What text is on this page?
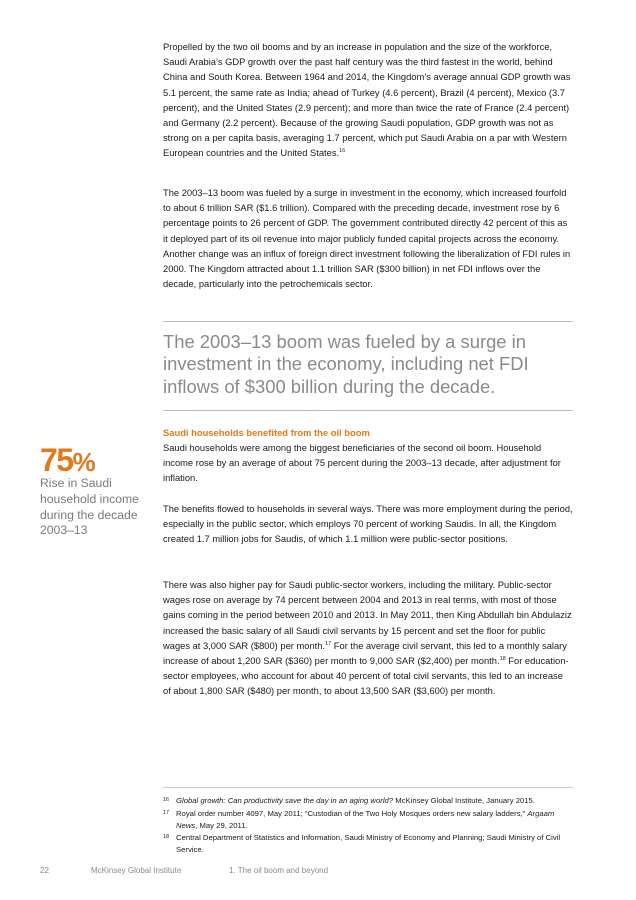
Propelled by the two oil booms and by an increase in population and the size of the workforce, Saudi Arabia’s GDP growth over the past half century was the third fastest in the world, behind China and South Korea. Between 1964 and 2014, the Kingdom’s average annual GDP growth was 5.1 percent, the same rate as India; ahead of Turkey (4.6 percent), Brazil (4 percent), Mexico (3.7 percent), and the United States (2.9 percent); and more than twice the rate of France (2.4 percent) and Germany (2.2 percent). Because of the growing Saudi population, GDP growth was not as strong on a per capita basis, averaging 1.7 percent, which put Saudi Arabia on a par with Western European countries and the United States.$^{16}$

The 2003–13 boom was fueled by a surge in investment in the economy, which increased fourfold to about 6 trillion SAR ($1.6 trillion). Compared with the preceding decade, investment rose by 6 percentage points to 26 percent of GDP. The government contributed directly 42 percent of this as it deployed part of its oil revenue into major publicly funded capital projects across the economy. Another change was an influx of foreign direct investment following the liberalization of FDI rules in 2000. The Kingdom attracted about 1.1 trillion SAR ($300 billion) in net FDI inflows over the decade, particularly into the petrochemicals sector.

The 2003–13 boom was fueled by a surge in investment in the economy, including net FDI inflows of $300 billion during the decade.
Saudi households benefited from the oil boom
75%
Rise in Saudi household income during the decade 2003–13

Saudi households were among the biggest beneficiaries of the second oil boom. Household income rose by an average of about 75 percent during the 2003–13 decade, after adjustment for inflation.

The benefits flowed to households in several ways. There was more employment during the period, especially in the public sector, which employs 70 percent of working Saudis. In all, the Kingdom created 1.7 million jobs for Saudis, of which 1.1 million were public-sector positions.

There was also higher pay for Saudi public-sector workers, including the military. Public-sector wages rose on average by 74 percent between 2004 and 2013 in real terms, with most of those gains coming in the period between 2010 and 2013. In May 2011, then King Abdullah bin Abdulaziz increased the basic salary of all Saudi civil servants by 15 percent and set the floor for public wages at 3,000 SAR ($800) per month.$^{17}$ For the average civil servant, this led to a monthly salary increase of about 1,200 SAR ($360) per month to 9,000 SAR ($2,400) per month.$^{18}$ For education-sector employees, who account for about 40 percent of total civil servants, this led to an increase of about 1,800 SAR ($480) per month, to about 13,500 SAR ($3,600) per month.

16 Global growth: Can productivity save the day in an aging world? McKinsey Global Institute, January 2015.
17 Royal order number 4097, May 2011; “Custodian of the Two Holy Mosques orders new salary ladders,” Argaam News, May 29, 2011.
18 Central Department of Statistics and Information, Saudi Ministry of Economy and Planning; Saudi Ministry of Civil Service.
22	McKinsey Global Institute	1. The oil boom and beyond
